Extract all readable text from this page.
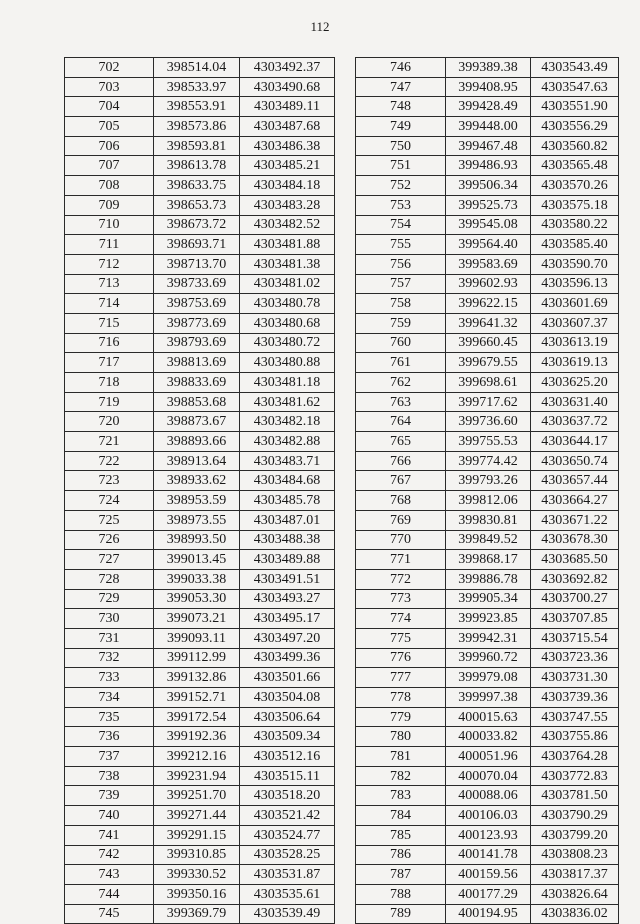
112
702	398514.04	4303492.37
703	398533.97	4303490.68
704	398553.91	4303489.11
705	398573.86	4303487.68
706	398593.81	4303486.38
707	398613.78	4303485.21
708	398633.75	4303484.18
709	398653.73	4303483.28
710	398673.72	4303482.52
711	398693.71	4303481.88
712	398713.70	4303481.38
713	398733.69	4303481.02
714	398753.69	4303480.78
715	398773.69	4303480.68
716	398793.69	4303480.72
717	398813.69	4303480.88
718	398833.69	4303481.18
719	398853.68	4303481.62
720	398873.67	4303482.18
721	398893.66	4303482.88
722	398913.64	4303483.71
723	398933.62	4303484.68
724	398953.59	4303485.78
725	398973.55	4303487.01
726	398993.50	4303488.38
727	399013.45	4303489.88
728	399033.38	4303491.51
729	399053.30	4303493.27
730	399073.21	4303495.17
731	399093.11	4303497.20
732	399112.99	4303499.36
733	399132.86	4303501.66
734	399152.71	4303504.08
735	399172.54	4303506.64
736	399192.36	4303509.34
737	399212.16	4303512.16
738	399231.94	4303515.11
739	399251.70	4303518.20
740	399271.44	4303521.42
741	399291.15	4303524.77
742	399310.85	4303528.25
743	399330.52	4303531.87
744	399350.16	4303535.61
745	399369.79	4303539.49
746	399389.38	4303543.49
747	399408.95	4303547.63
748	399428.49	4303551.90
749	399448.00	4303556.29
750	399467.48	4303560.82
751	399486.93	4303565.48
752	399506.34	4303570.26
753	399525.73	4303575.18
754	399545.08	4303580.22
755	399564.40	4303585.40
756	399583.69	4303590.70
757	399602.93	4303596.13
758	399622.15	4303601.69
759	399641.32	4303607.37
760	399660.45	4303613.19
761	399679.55	4303619.13
762	399698.61	4303625.20
763	399717.62	4303631.40
764	399736.60	4303637.72
765	399755.53	4303644.17
766	399774.42	4303650.74
767	399793.26	4303657.44
768	399812.06	4303664.27
769	399830.81	4303671.22
770	399849.52	4303678.30
771	399868.17	4303685.50
772	399886.78	4303692.82
773	399905.34	4303700.27
774	399923.85	4303707.85
775	399942.31	4303715.54
776	399960.72	4303723.36
777	399979.08	4303731.30
778	399997.38	4303739.36
779	400015.63	4303747.55
780	400033.82	4303755.86
781	400051.96	4303764.28
782	400070.04	4303772.83
783	400088.06	4303781.50
784	400106.03	4303790.29
785	400123.93	4303799.20
786	400141.78	4303808.23
787	400159.56	4303817.37
788	400177.29	4303826.64
789	400194.95	4303836.02
